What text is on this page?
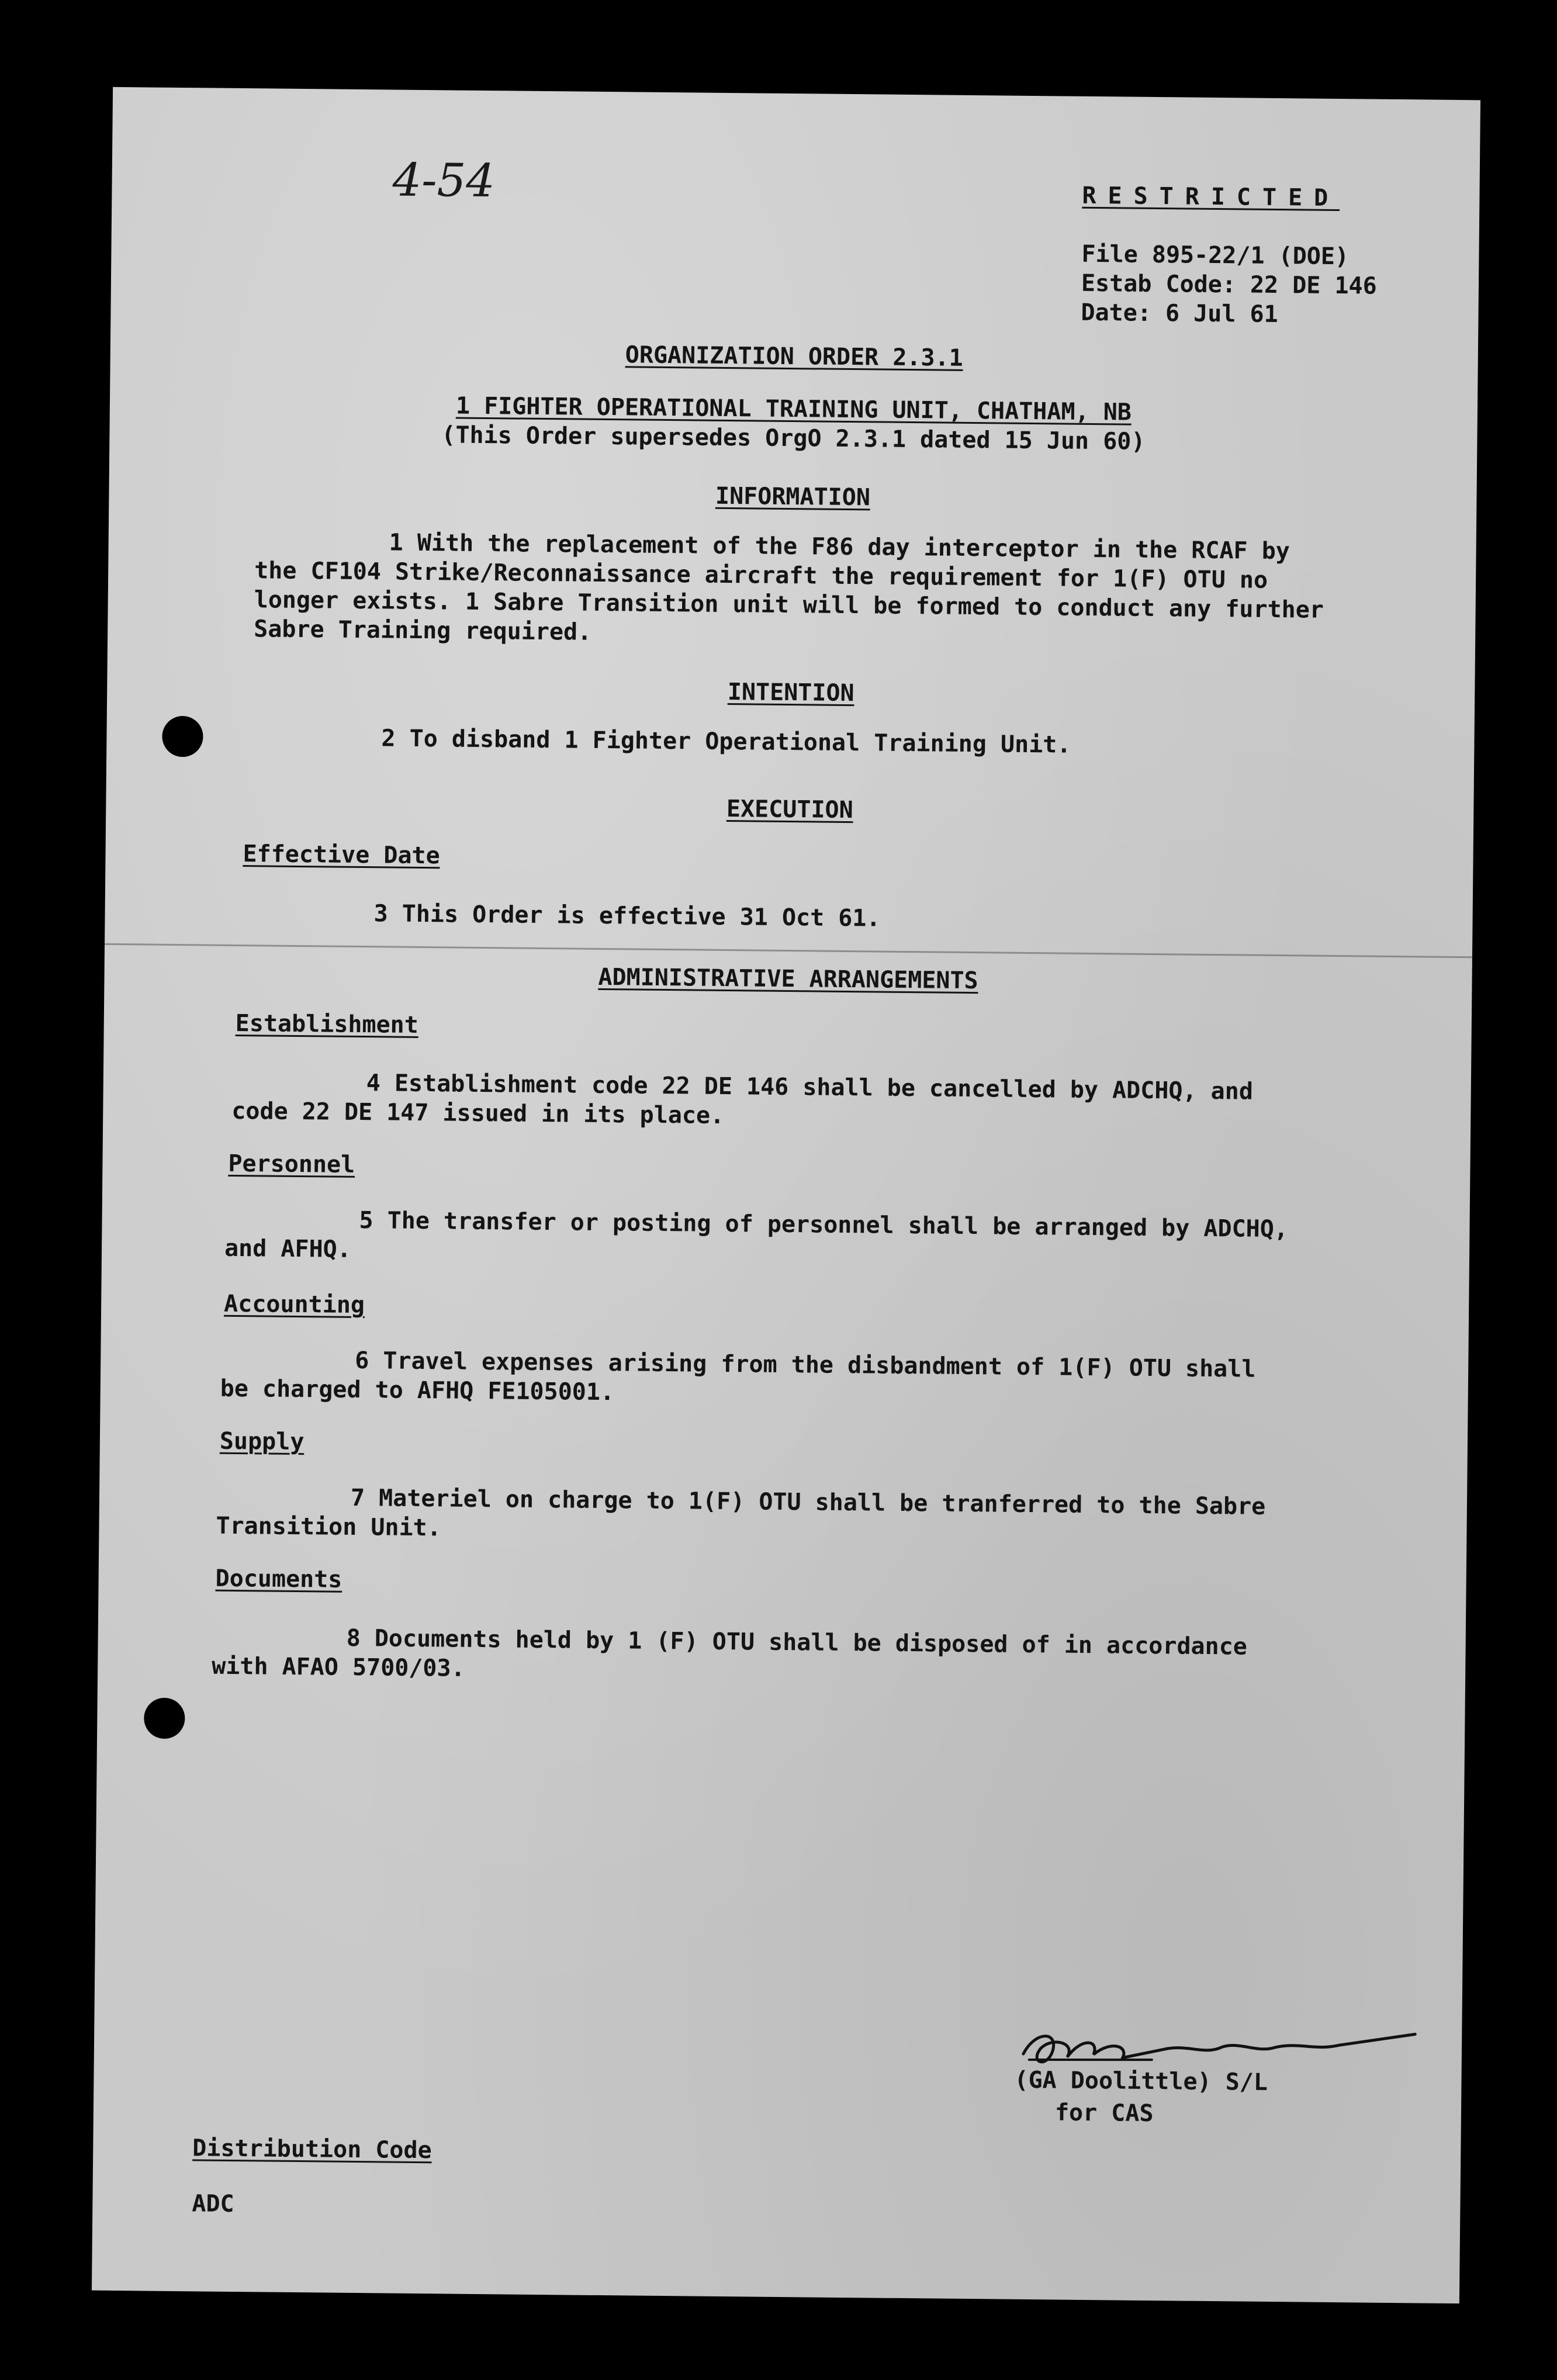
4-54	RESTRICTED
File 895-22/1 (DOE)
Estab Code: 22 DE 146
Date: 6 Jul 61
ORGANIZATION ORDER 2.3.1
1 FIGHTER OPERATIONAL TRAINING UNIT, CHATHAM, NB
(This Order supersedes OrgO 2.3.1 dated 15 Jun 60)
INFORMATION
1 With the replacement of the F86 day interceptor in the RCAF by the CF104 Strike/Reconnaissance aircraft the requirement for 1(F) OTU no longer exists. 1 Sabre Transition unit will be formed to conduct any further Sabre Training required.
INTENTION
2 To disband 1 Fighter Operational Training Unit.
EXECUTION
Effective Date
3 This Order is effective 31 Oct 61.
ADMINISTRATIVE ARRANGEMENTS
Establishment
4 Establishment code 22 DE 146 shall be cancelled by ADCHQ, and code 22 DE 147 issued in its place.
Personnel
5 The transfer or posting of personnel shall be arranged by ADCHQ, and AFHQ.
Accounting
6 Travel expenses arising from the disbandment of 1(F) OTU shall be charged to AFHQ FE105001.
Supply
7 Materiel on charge to 1(F) OTU shall be tranferred to the Sabre Transition Unit.
Documents
8 Documents held by 1 (F) OTU shall be disposed of in accordance with AFAO 5700/03.
(GA Doolittle) S/L
for CAS
Distribution Code
ADC
